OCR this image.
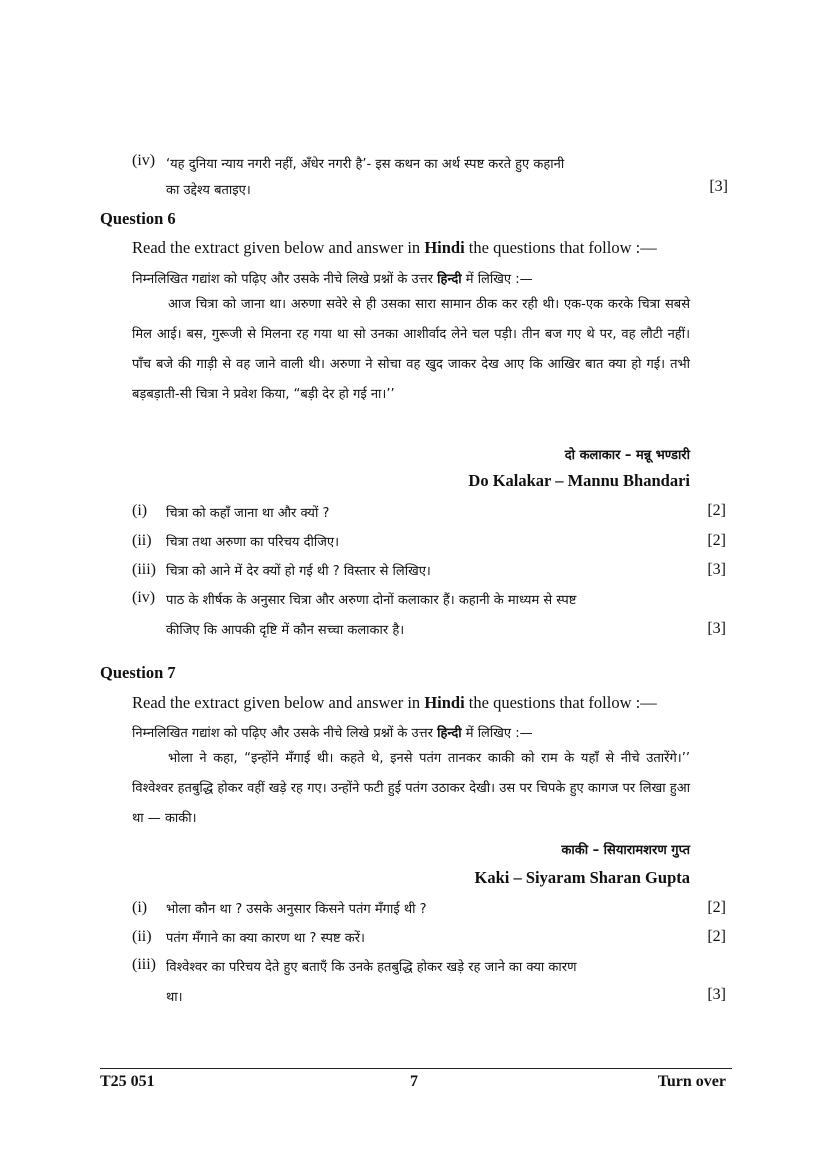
(iv) ‘यह दुनिया न्याय नगरी नहीं, अँधेर नगरी है’- इस कथन का अर्थ स्पष्ट करते हुए कहानी
का उद्देश्य बताइए।	[3]
Question 6
Read the extract given below and answer in Hindi the questions that follow :—
निम्नलिखित गद्यांश को पढ़िए और उसके नीचे लिखे प्रश्नों के उत्तर हिन्दी में लिखिए :—
आज चित्रा को जाना था। अरुणा सवेरे से ही उसका सारा सामान ठीक कर रही थी। एक-एक करके चित्रा सबसे मिल आई। बस, गुरूजी से मिलना रह गया था सो उनका आशीर्वाद लेने चल पड़ी। तीन बज गए थे पर, वह लौटी नहीं। पाँच बजे की गाड़ी से वह जाने वाली थी। अरुणा ने सोचा वह खुद जाकर देख आए कि आखिर बात क्या हो गई। तभी बड़बड़ाती-सी चित्रा ने प्रवेश किया, “बड़ी देर हो गई ना।’’
दो कलाकार – मन्नू भण्डारी
Do Kalakar – Mannu Bhandari
(i) चित्रा को कहाँ जाना था और क्यों ?	[2]
(ii) चित्रा तथा अरुणा का परिचय दीजिए।	[2]
(iii) चित्रा को आने में देर क्यों हो गई थी ? विस्तार से लिखिए।	[3]
(iv) पाठ के शीर्षक के अनुसार चित्रा और अरुणा दोनों कलाकार हैं। कहानी के माध्यम से स्पष्ट
कीजिए कि आपकी दृष्टि में कौन सच्चा कलाकार है।	[3]
Question 7
Read the extract given below and answer in Hindi the questions that follow :—
निम्नलिखित गद्यांश को पढ़िए और उसके नीचे लिखे प्रश्नों के उत्तर हिन्दी में लिखिए :—
भोला ने कहा, “इन्होंने मँगाई थी। कहते थे, इनसे पतंग तानकर काकी को राम के यहाँ से नीचे उतारेंगे।’’ विश्वेश्वर हतबुद्धि होकर वहीं खड़े रह गए। उन्होंने फटी हुई पतंग उठाकर देखी। उस पर चिपके हुए कागज पर लिखा हुआ था — काकी।
काकी – सियारामशरण गुप्त
Kaki – Siyaram Sharan Gupta
(i) भोला कौन था ? उसके अनुसार किसने पतंग मँगाई थी ?	[2]
(ii) पतंग मँगाने का क्या कारण था ? स्पष्ट करें।	[2]
(iii) विश्वेश्वर का परिचय देते हुए बताएँ कि उनके हतबुद्धि होकर खड़े रह जाने का क्या कारण
था।	[3]
T25 051	7	Turn over
